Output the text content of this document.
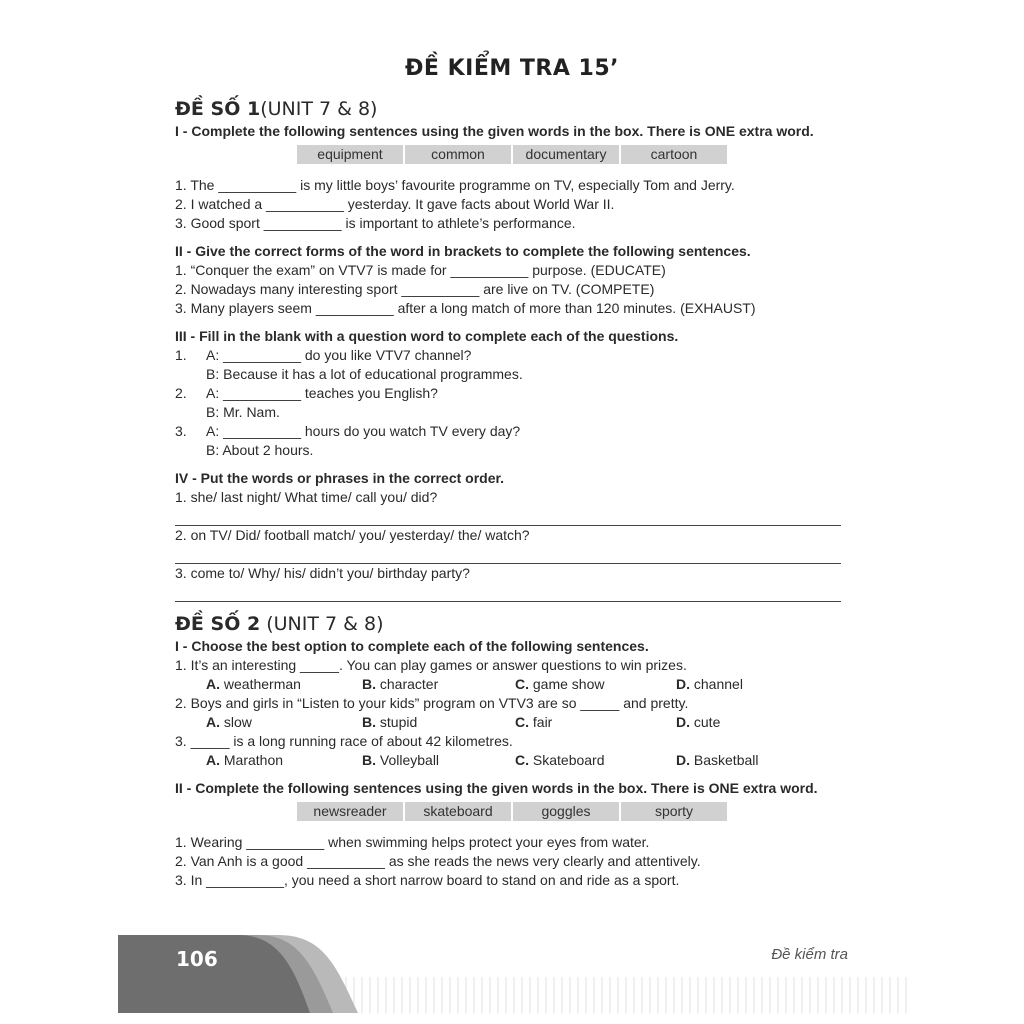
ĐỀ KIỂM TRA 15’
ĐỀ SỐ 1(UNIT 7 & 8)
I - Complete the following sentences using the given words in the box. There is ONE extra word.
equipment	common	documentary	cartoon
1. The __________ is my little boys’ favourite programme on TV, especially Tom and Jerry.
2. I watched a __________ yesterday. It gave facts about World War II.
3. Good sport __________ is important to athlete’s performance.
II - Give the correct forms of the word in brackets to complete the following sentences.
1. “Conquer the exam” on VTV7 is made for __________ purpose. (EDUCATE)
2. Nowadays many interesting sport __________ are live on TV. (COMPETE)
3. Many players seem __________ after a long match of more than 120 minutes. (EXHAUST)
III - Fill in the blank with a question word to complete each of the questions.
1. A: __________ do you like VTV7 channel?
B: Because it has a lot of educational programmes.
2. A: __________ teaches you English?
B: Mr. Nam.
3. A: __________ hours do you watch TV every day?
B: About 2 hours.
IV - Put the words or phrases in the correct order.
1. she/ last night/ What time/ call you/ did?
2. on TV/ Did/ football match/ you/ yesterday/ the/ watch?
3. come to/ Why/ his/ didn’t you/ birthday party?
ĐỀ SỐ 2 (UNIT 7 & 8)
I - Choose the best option to complete each of the following sentences.
1. It’s an interesting _____. You can play games or answer questions to win prizes.
A. weatherman	B. character	C. game show	D. channel
2. Boys and girls in “Listen to your kids” program on VTV3 are so _____ and pretty.
A. slow	B. stupid	C. fair	D. cute
3. _____ is a long running race of about 42 kilometres.
A. Marathon	B. Volleyball	C. Skateboard	D. Basketball
II - Complete the following sentences using the given words in the box. There is ONE extra word.
newsreader	skateboard	goggles	sporty
1. Wearing __________ when swimming helps protect your eyes from water.
2. Van Anh is a good __________ as she reads the news very clearly and attentively.
3. In __________, you need a short narrow board to stand on and ride as a sport.
106	Đề kiểm tra
